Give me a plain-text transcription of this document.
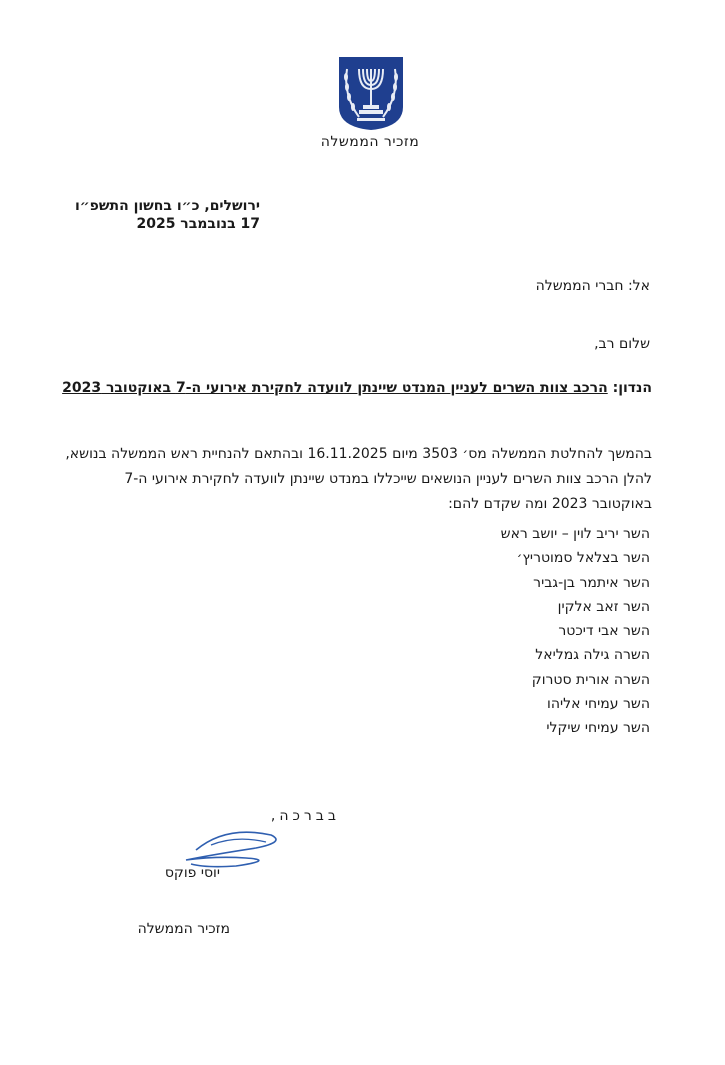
מזכיר הממשלה
ירושלים, כ״ו בחשון התשפ״ו
17 בנובמבר 2025
אל: חברי הממשלה
שלום רב,
הנדון: הרכב צוות השרים לעניין המנדט שיינתן לוועדה לחקירת אירועי ה-7 באוקטובר 2023
בהמשך להחלטת הממשלה מס׳ 3503 מיום 16.11.2025 ובהתאם להנחיית ראש הממשלה בנושא, להלן הרכב צוות השרים לעניין הנושאים שייכללו במנדט שיינתן לוועדה לחקירת אירועי ה-7 באוקטובר 2023 ומה שקדם להם:
השר יריב לוין – יושב ראש
השר בצלאל סמוטריץ׳
השר איתמר בן-גביר
השר זאב אלקין
השר אבי דיכטר
השרה גילה גמליאל
השרה אורית סטרוק
השר עמיחי אליהו
השר עמיחי שיקלי
בברכה,
יוסי פוקס
מזכיר הממשלה
